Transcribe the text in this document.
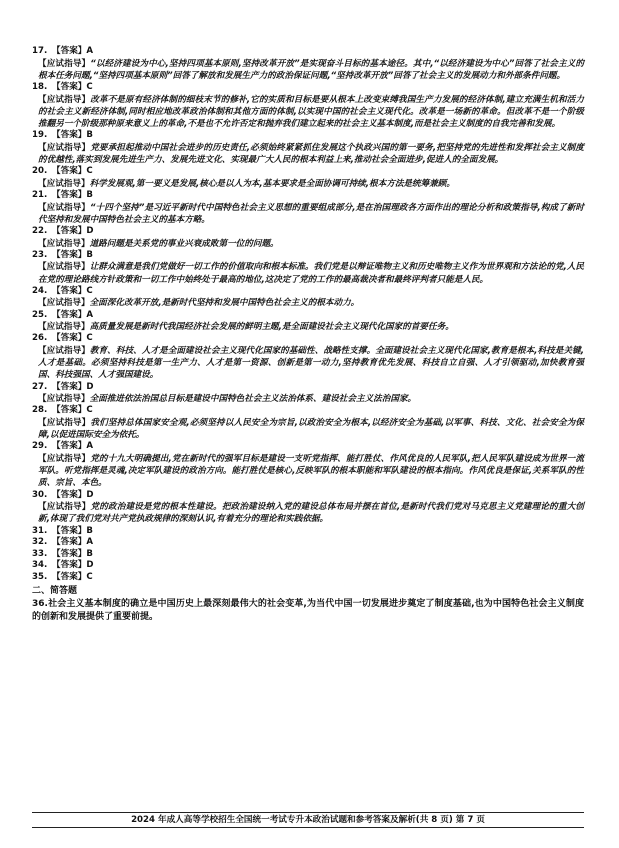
17. 【答案】A
【应试指导】“以经济建设为中心,坚持四项基本原则,坚持改革开放”是实现奋斗目标的基本途径。其中,“以经济建设为中心”回答了社会主义的根本任务问题,“坚持四项基本原则”回答了解放和发展生产力的政治保证问题,“坚持改革开放”回答了社会主义的发展动力和外部条件问题。
18. 【答案】C
【应试指导】改革不是原有经济体制的细枝末节的修补,它的实质和目标是要从根本上改变束缚我国生产力发展的经济体制,建立充满生机和活力的社会主义新经济体制,同时相应地改革政治体制和其他方面的体制,以实现中国的社会主义现代化。改革是一场新的革命。但改革不是一个阶级推翻另一个阶级那种原来意义上的革命,不是也不允许否定和抛弃我们建立起来的社会主义基本制度,而是社会主义制度的自我完善和发展。
19. 【答案】B
【应试指导】党要承担起推动中国社会进步的历史责任,必须始终紧紧抓住发展这个执政兴国的第一要务,把坚持党的先进性和发挥社会主义制度的优越性,落实到发展先进生产力、发展先进文化、实现最广大人民的根本利益上来,推动社会全面进步,促进人的全面发展。
20. 【答案】C
【应试指导】科学发展观,第一要义是发展,核心是以人为本,基本要求是全面协调可持续,根本方法是统筹兼顾。
21. 【答案】B
【应试指导】“十四个坚持”是习近平新时代中国特色社会主义思想的重要组成部分,是在治国理政各方面作出的理论分析和政策指导,构成了新时代坚持和发展中国特色社会主义的基本方略。
22. 【答案】D
【应试指导】道路问题是关系党的事业兴衰成败第一位的问题。
23. 【答案】B
【应试指导】让群众满意是我们党做好一切工作的价值取向和根本标准。我们党是以辩证唯物主义和历史唯物主义作为世界观和方法论的党,人民在党的理论路线方针政策和一切工作中始终处于最高的地位,这决定了党的工作的最高裁决者和最终评判者只能是人民。
24. 【答案】C
【应试指导】全面深化改革开放,是新时代坚持和发展中国特色社会主义的根本动力。
25. 【答案】A
【应试指导】高质量发展是新时代我国经济社会发展的鲜明主题,是全面建设社会主义现代化国家的首要任务。
26. 【答案】C
【应试指导】教育、科技、人才是全面建设社会主义现代化国家的基础性、战略性支撑。全面建设社会主义现代化国家,教育是根本,科技是关键,人才是基础。必须坚持科技是第一生产力、人才是第一资源、创新是第一动力,坚持教育优先发展、科技自立自强、人才引领驱动,加快教育强国、科技强国、人才强国建设。
27. 【答案】D
【应试指导】全面推进依法治国总目标是建设中国特色社会主义法治体系、建设社会主义法治国家。
28. 【答案】C
【应试指导】我们坚持总体国家安全观,必须坚持以人民安全为宗旨,以政治安全为根本,以经济安全为基础,以军事、科技、文化、社会安全为保障,以促进国际安全为依托。
29. 【答案】A
【应试指导】党的十九大明确提出,党在新时代的强军目标是建设一支听党指挥、能打胜仗、作风优良的人民军队,把人民军队建设成为世界一流军队。听党指挥是灵魂,决定军队建设的政治方向。能打胜仗是核心,反映军队的根本职能和军队建设的根本指向。作风优良是保证,关系军队的性质、宗旨、本色。
30. 【答案】D
【应试指导】党的政治建设是党的根本性建设。把政治建设纳入党的建设总体布局并摆在首位,是新时代我们党对马克思主义党建理论的重大创新,体现了我们党对共产党执政规律的深刻认识,有着充分的理论和实践依据。
31. 【答案】B
32. 【答案】A
33. 【答案】B
34. 【答案】D
35. 【答案】C
二、简答题
36.社会主义基本制度的确立是中国历史上最深刻最伟大的社会变革,为当代中国一切发展进步奠定了制度基础,也为中国特色社会主义制度的创新和发展提供了重要前提。
2024 年成人高等学校招生全国统一考试专升本政治试题和参考答案及解析(共 8 页) 第 7 页
